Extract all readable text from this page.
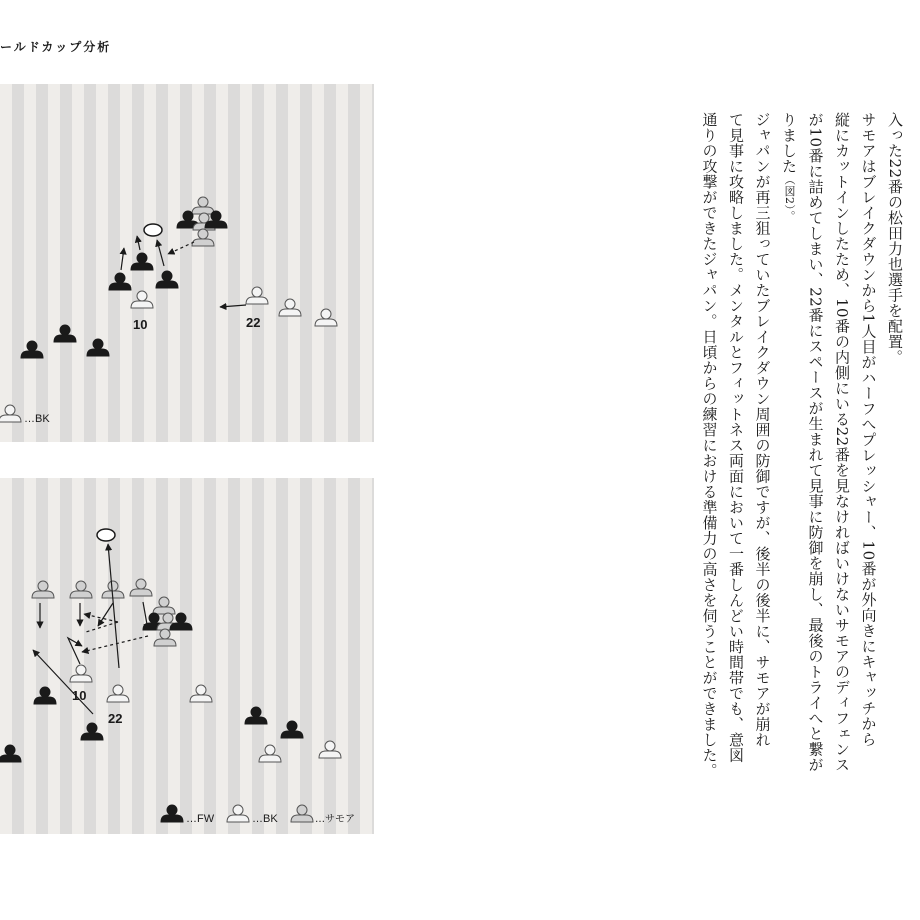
ールドカップ分析
10	22
…BK
10
22
…FW	…BK	…サモア

入った22番の松田力也選手を配置。

サモアはブレイクダウンから1人目がハーフへプレッシャー、10番が外向きにキャッチから

縦にカットインしたため、10番の内側にいる22番を見なければいけないサモアのディフェンス

が10番に詰めてしまい、22番にスペースが生まれて見事に防御を崩し、最後のトライへと繋が

りました（図2）。

ジャパンが再三狙っていたブレイクダウン周囲の防御ですが、後半の後半に、サモアが崩れ

て見事に攻略しました。メンタルとフィットネス両面において一番しんどい時間帯でも、意図

通りの攻撃ができたジャパン。日頃からの練習における準備力の高さを伺うことができました。
